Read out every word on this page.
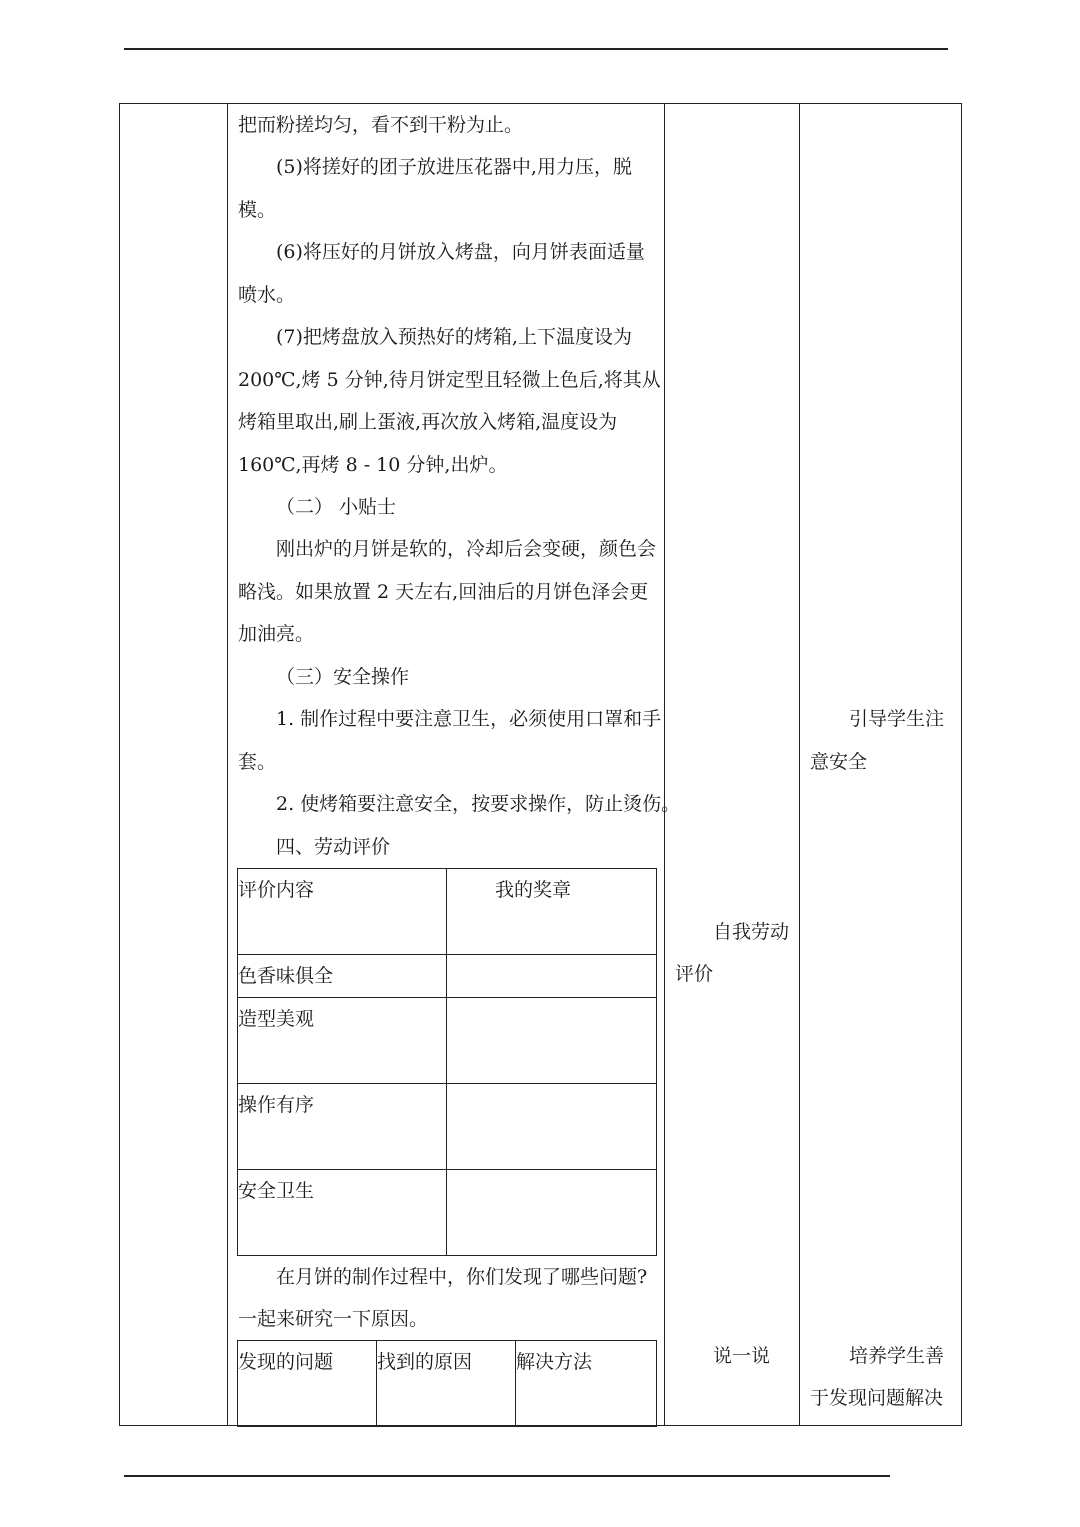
把而粉搓均匀，看不到干粉为止。
(5)将搓好的团子放进压花器中,用力压，脱
模。
(6)将压好的月饼放入烤盘，向月饼表面适量
喷水。
(7)把烤盘放入预热好的烤箱,上下温度设为
200℃,烤 5 分钟,待月饼定型且轻微上色后,将其从
烤箱里取出,刷上蛋液,再次放入烤箱,温度设为
160℃,再烤 8 - 10 分钟,出炉。
（二） 小贴士
刚出炉的月饼是软的，冷却后会变硬，颜色会
略浅。如果放置 2 天左右,回油后的月饼色泽会更
加油亮。
（三）安全操作
1. 制作过程中要注意卫生，必须使用口罩和手
套。
2. 使烤箱要注意安全，按要求操作，防止烫伤。
四、劳动评价
评价内容	我的奖章
色香味俱全	
造型美观	
操作有序	
安全卫生	
在月饼的制作过程中，你们发现了哪些问题?
一起来研究一下原因。
发现的问题	找到的原因	解决方法
自我劳动
评价
说一说
引导学生注
意安全
培养学生善
于发现问题解决
